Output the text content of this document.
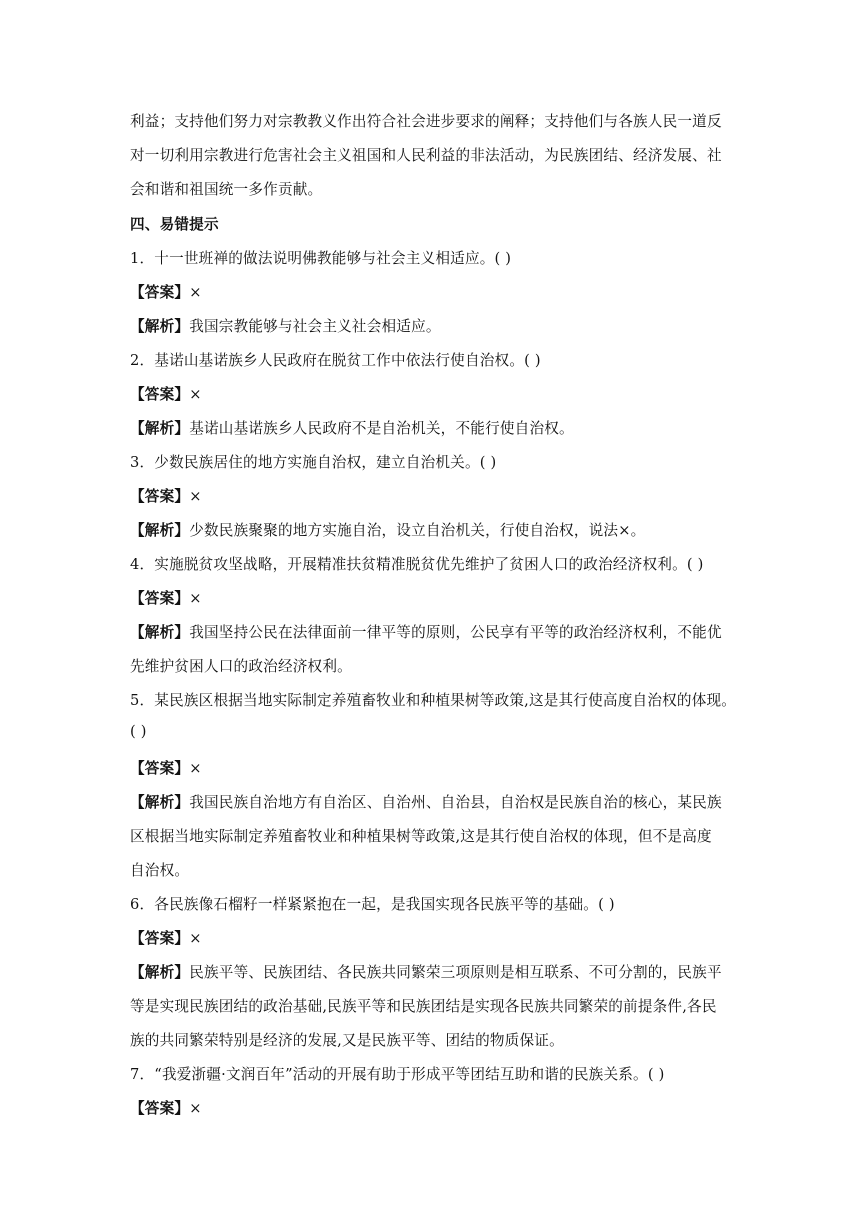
利益；支持他们努力对宗教教义作出符合社会进步要求的阐释；支持他们与各族人民一道反
对一切利用宗教进行危害社会主义祖国和人民利益的非法活动，为民族团结、经济发展、社
会和谐和祖国统一多作贡献。
四、易错提示
1．十一世班禅的做法说明佛教能够与社会主义相适应。( )
【答案】×
【解析】我国宗教能够与社会主义社会相适应。
2．基诺山基诺族乡人民政府在脱贫工作中依法行使自治权。( )
【答案】×
【解析】基诺山基诺族乡人民政府不是自治机关，不能行使自治权。
3．少数民族居住的地方实施自治权，建立自治机关。( )
【答案】×
【解析】少数民族聚聚的地方实施自治，设立自治机关，行使自治权，说法×。
4．实施脱贫攻坚战略，开展精准扶贫精准脱贫优先维护了贫困人口的政治经济权利。( )
【答案】×
【解析】我国坚持公民在法律面前一律平等的原则，公民享有平等的政治经济权利，不能优
先维护贫困人口的政治经济权利。
5．某民族区根据当地实际制定养殖畜牧业和种植果树等政策,这是其行使高度自治权的体现。
( )
【答案】×
【解析】我国民族自治地方有自治区、自治州、自治县，自治权是民族自治的核心，某民族
区根据当地实际制定养殖畜牧业和种植果树等政策,这是其行使自治权的体现，但不是高度
自治权。
6．各民族像石榴籽一样紧紧抱在一起，是我国实现各民族平等的基础。( )
【答案】×
【解析】民族平等、民族团结、各民族共同繁荣三项原则是相互联系、不可分割的，民族平
等是实现民族团结的政治基础,民族平等和民族团结是实现各民族共同繁荣的前提条件,各民
族的共同繁荣特别是经济的发展,又是民族平等、团结的物质保证。
7．“我爱浙疆·文润百年”活动的开展有助于形成平等团结互助和谐的民族关系。( )
【答案】×
